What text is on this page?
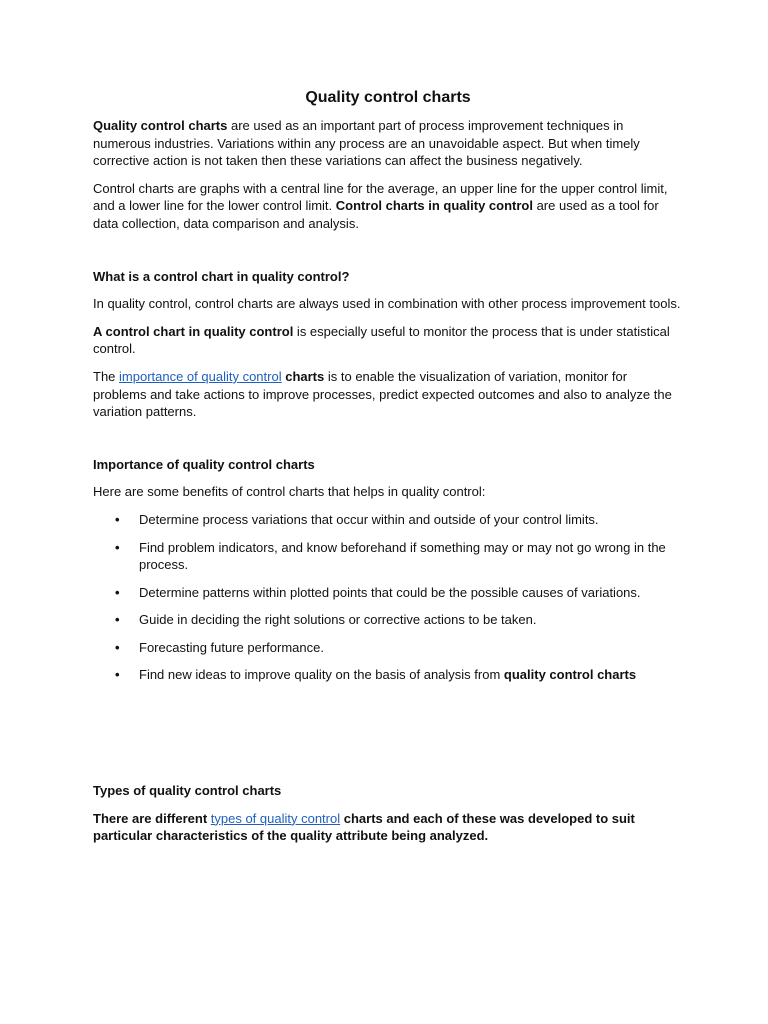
Quality control charts

Quality control charts are used as an important part of process improvement techniques in numerous industries. Variations within any process are an unavoidable aspect. But when timely corrective action is not taken then these variations can affect the business negatively.

Control charts are graphs with a central line for the average, an upper line for the upper control limit, and a lower line for the lower control limit. Control charts in quality control are used as a tool for data collection, data comparison and analysis.

What is a control chart in quality control?

In quality control, control charts are always used in combination with other process improvement tools.

A control chart in quality control is especially useful to monitor the process that is under statistical control.

The importance of quality control charts is to enable the visualization of variation, monitor for problems and take actions to improve processes, predict expected outcomes and also to analyze the variation patterns.

Importance of quality control charts

Here are some benefits of control charts that helps in quality control:

• Determine process variations that occur within and outside of your control limits.
• Find problem indicators, and know beforehand if something may or may not go wrong in the process.
• Determine patterns within plotted points that could be the possible causes of variations.
• Guide in deciding the right solutions or corrective actions to be taken.
• Forecasting future performance.
• Find new ideas to improve quality on the basis of analysis from quality control charts
Types of quality control charts

There are different types of quality control charts and each of these was developed to suit particular characteristics of the quality attribute being analyzed.
